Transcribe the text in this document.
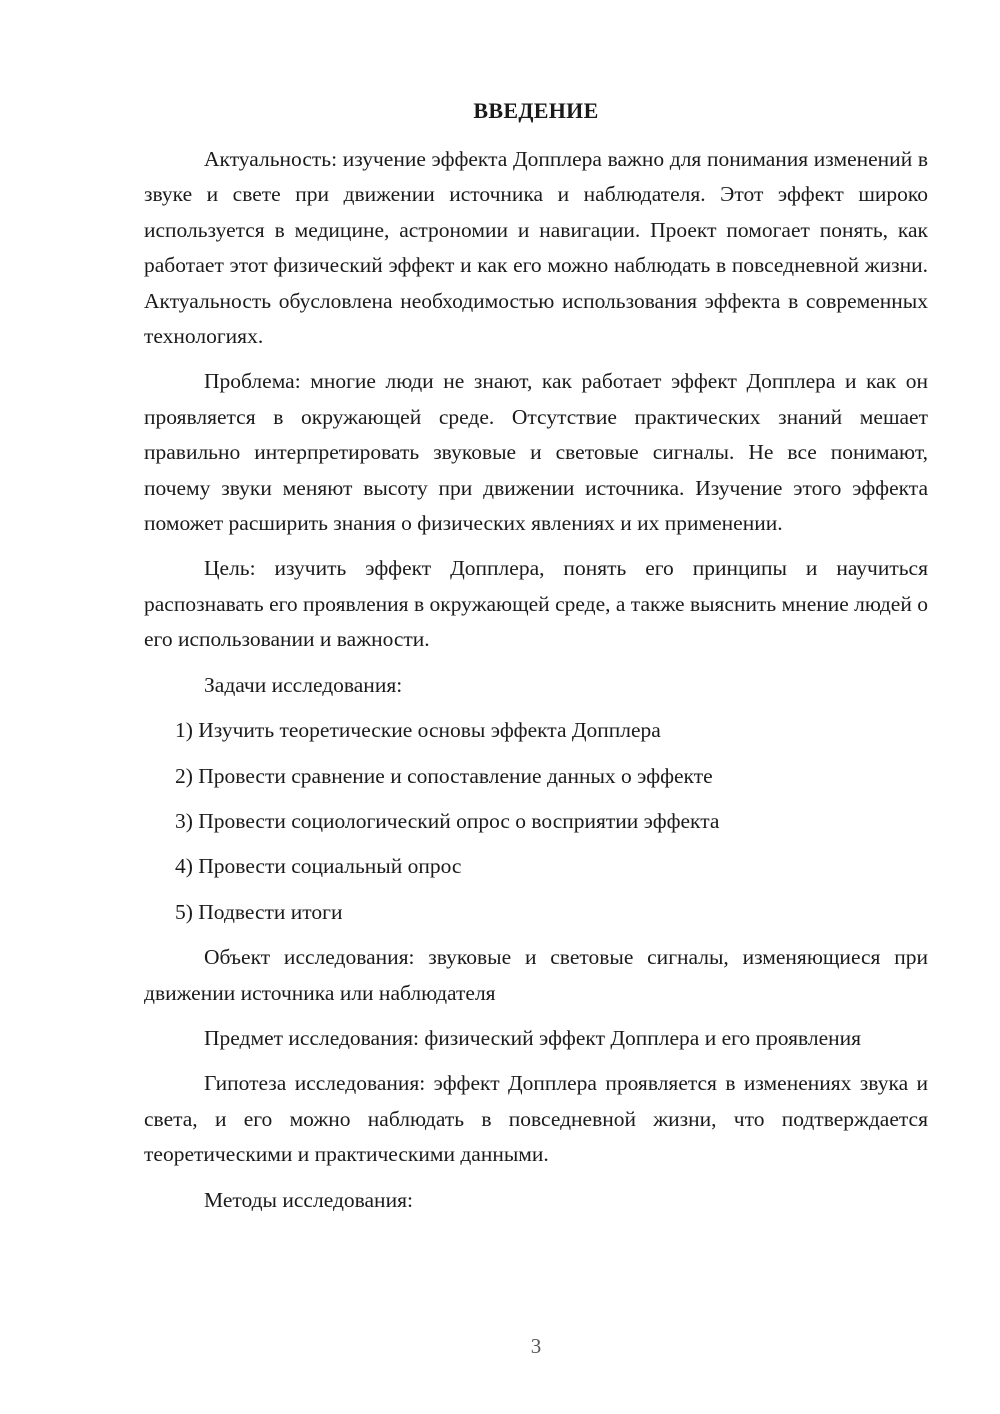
ВВЕДЕНИЕ

Актуальность: изучение эффекта Допплера важно для понимания изменений в звуке и свете при движении источника и наблюдателя. Этот эффект широко используется в медицине, астрономии и навигации. Проект помогает понять, как работает этот физический эффект и как его можно наблюдать в повседневной жизни. Актуальность обусловлена необходимостью использования эффекта в современных технологиях.

Проблема: многие люди не знают, как работает эффект Допплера и как он проявляется в окружающей среде. Отсутствие практических знаний мешает правильно интерпретировать звуковые и световые сигналы. Не все понимают, почему звуки меняют высоту при движении источника. Изучение этого эффекта поможет расширить знания о физических явлениях и их применении.

Цель: изучить эффект Допплера, понять его принципы и научиться распознавать его проявления в окружающей среде, а также выяснить мнение людей о его использовании и важности.

Задачи исследования:

1) Изучить теоретические основы эффекта Допплера
2) Провести сравнение и сопоставление данных о эффекте
3) Провести социологический опрос о восприятии эффекта
4) Провести социальный опрос
5) Подвести итоги

Объект исследования: звуковые и световые сигналы, изменяющиеся при движении источника или наблюдателя

Предмет исследования: физический эффект Допплера и его проявления

Гипотеза исследования: эффект Допплера проявляется в изменениях звука и света, и его можно наблюдать в повседневной жизни, что подтверждается теоретическими и практическими данными.

Методы исследования:

3
